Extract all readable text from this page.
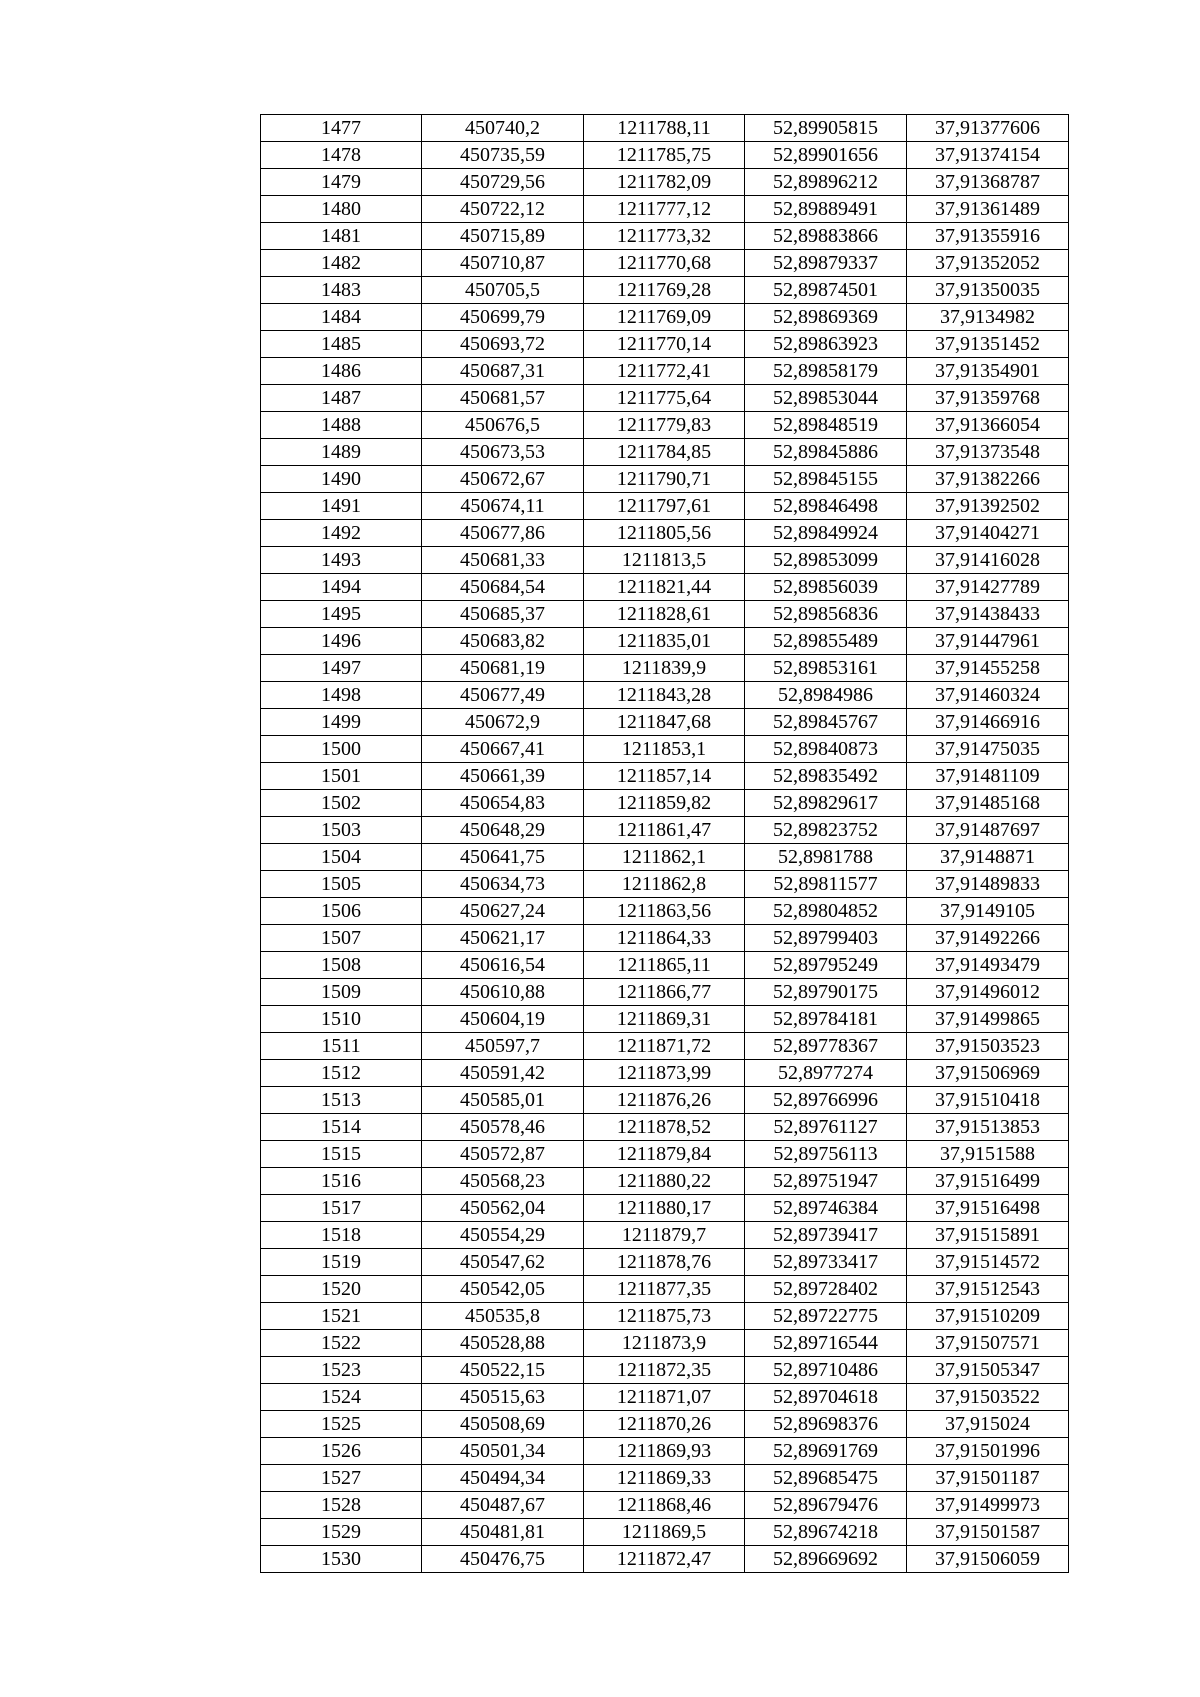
1477	450740,2	1211788,11	52,89905815	37,91377606
1478	450735,59	1211785,75	52,89901656	37,91374154
1479	450729,56	1211782,09	52,89896212	37,91368787
1480	450722,12	1211777,12	52,89889491	37,91361489
1481	450715,89	1211773,32	52,89883866	37,91355916
1482	450710,87	1211770,68	52,89879337	37,91352052
1483	450705,5	1211769,28	52,89874501	37,91350035
1484	450699,79	1211769,09	52,89869369	37,9134982
1485	450693,72	1211770,14	52,89863923	37,91351452
1486	450687,31	1211772,41	52,89858179	37,91354901
1487	450681,57	1211775,64	52,89853044	37,91359768
1488	450676,5	1211779,83	52,89848519	37,91366054
1489	450673,53	1211784,85	52,89845886	37,91373548
1490	450672,67	1211790,71	52,89845155	37,91382266
1491	450674,11	1211797,61	52,89846498	37,91392502
1492	450677,86	1211805,56	52,89849924	37,91404271
1493	450681,33	1211813,5	52,89853099	37,91416028
1494	450684,54	1211821,44	52,89856039	37,91427789
1495	450685,37	1211828,61	52,89856836	37,91438433
1496	450683,82	1211835,01	52,89855489	37,91447961
1497	450681,19	1211839,9	52,89853161	37,91455258
1498	450677,49	1211843,28	52,8984986	37,91460324
1499	450672,9	1211847,68	52,89845767	37,91466916
1500	450667,41	1211853,1	52,89840873	37,91475035
1501	450661,39	1211857,14	52,89835492	37,91481109
1502	450654,83	1211859,82	52,89829617	37,91485168
1503	450648,29	1211861,47	52,89823752	37,91487697
1504	450641,75	1211862,1	52,8981788	37,9148871
1505	450634,73	1211862,8	52,89811577	37,91489833
1506	450627,24	1211863,56	52,89804852	37,9149105
1507	450621,17	1211864,33	52,89799403	37,91492266
1508	450616,54	1211865,11	52,89795249	37,91493479
1509	450610,88	1211866,77	52,89790175	37,91496012
1510	450604,19	1211869,31	52,89784181	37,91499865
1511	450597,7	1211871,72	52,89778367	37,91503523
1512	450591,42	1211873,99	52,8977274	37,91506969
1513	450585,01	1211876,26	52,89766996	37,91510418
1514	450578,46	1211878,52	52,89761127	37,91513853
1515	450572,87	1211879,84	52,89756113	37,9151588
1516	450568,23	1211880,22	52,89751947	37,91516499
1517	450562,04	1211880,17	52,89746384	37,91516498
1518	450554,29	1211879,7	52,89739417	37,91515891
1519	450547,62	1211878,76	52,89733417	37,91514572
1520	450542,05	1211877,35	52,89728402	37,91512543
1521	450535,8	1211875,73	52,89722775	37,91510209
1522	450528,88	1211873,9	52,89716544	37,91507571
1523	450522,15	1211872,35	52,89710486	37,91505347
1524	450515,63	1211871,07	52,89704618	37,91503522
1525	450508,69	1211870,26	52,89698376	37,915024
1526	450501,34	1211869,93	52,89691769	37,91501996
1527	450494,34	1211869,33	52,89685475	37,91501187
1528	450487,67	1211868,46	52,89679476	37,91499973
1529	450481,81	1211869,5	52,89674218	37,91501587
1530	450476,75	1211872,47	52,89669692	37,91506059
